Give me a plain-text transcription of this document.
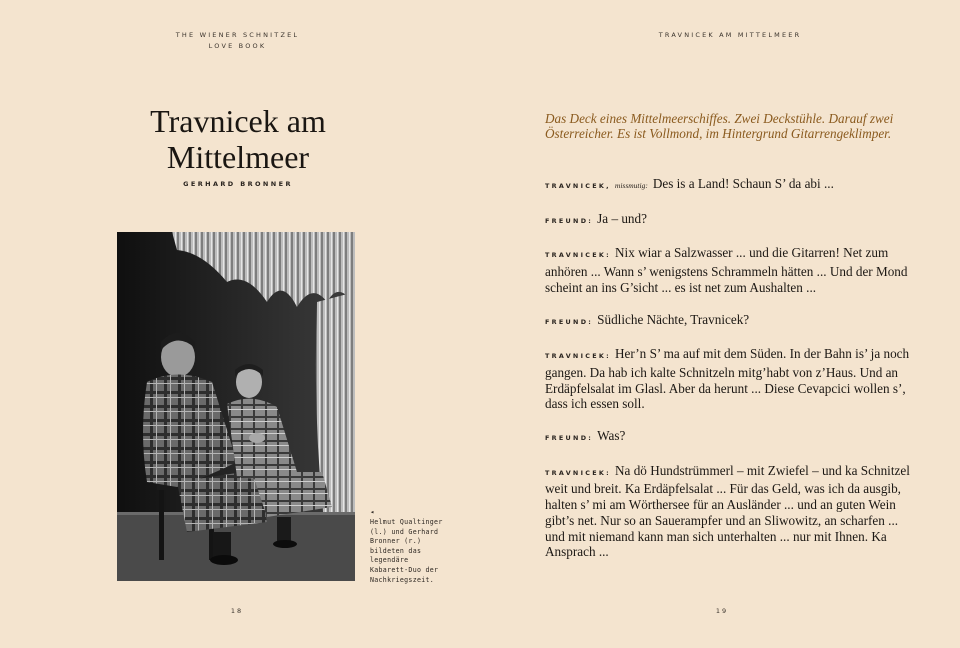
THE WIENER SCHNITZEL
LOVE BOOK
Travnicek am
Mittelmeer
GERHARD BRONNER
◂
Helmut Qualtinger
(l.) und Gerhard
Bronner (r.)
bildeten das
legendäre
Kabarett-Duo der
Nachkriegszeit.
18
TRAVNICEK AM MITTELMEER
Das Deck eines Mittelmeerschiffes. Zwei Deckstühle. Darauf zwei Österreicher. Es ist Vollmond, im Hintergrund Gitarrengeklimper.

TRAVNICEK, missmutig: Des is a Land! Schaun S’ da abi ...

FREUND: Ja – und?

TRAVNICEK: Nix wiar a Salzwasser ... und die Gitarren! Net zum anhören ... Wann s’ wenigstens Schrammeln hätten ... Und der Mond scheint an ins G’sicht ... es ist net zum Aushalten ...

FREUND: Südliche Nächte, Travnicek?

TRAVNICEK: Her’n S’ ma auf mit dem Süden. In der Bahn is’ ja noch gangen. Da hab ich kalte Schnitzeln mitg’habt von z’Haus. Und an Erdäpfelsalat im Glasl. Aber da herunt ... Diese Cevapcici wollen s’, dass ich essen soll.

FREUND: Was?

TRAVNICEK: Na dö Hundstrümmerl – mit Zwiefel – und ka Schnitzel weit und breit. Ka Erdäpfelsalat ... Für das Geld, was ich da ausgib, halten s’ mi am Wörthersee für an Ausländer ... und an guten Wein gibt’s net. Nur so an Sauerampfer und an Sliwowitz, an scharfen ... und mit niemand kann man sich unterhalten ... nur mit Ihnen. Ka Ansprach ...

19
